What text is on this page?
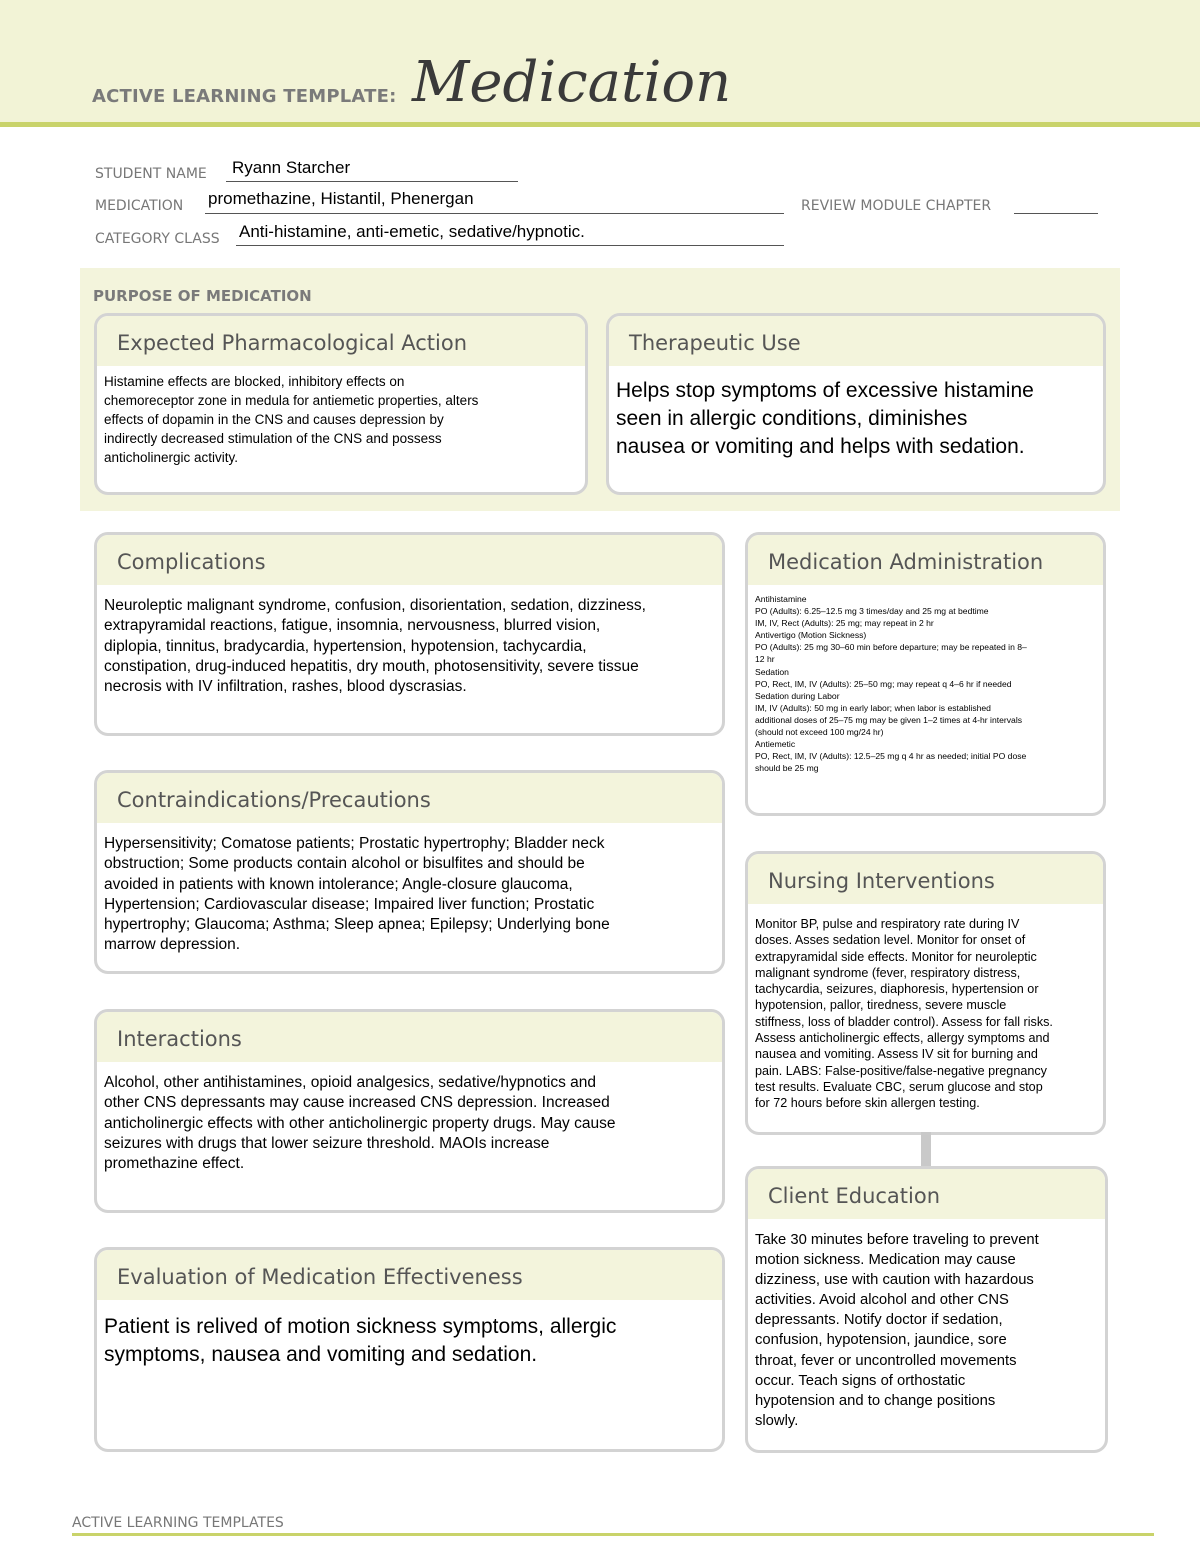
ACTIVE LEARNING TEMPLATE: Medication
STUDENT NAME Ryann Starcher
MEDICATION promethazine, Histantil, Phenergan	REVIEW MODULE CHAPTER
CATEGORY CLASS Anti-histamine, anti-emetic, sedative/hypnotic.
PURPOSE OF MEDICATION
Expected Pharmacological Action
Histamine effects are blocked, inhibitory effects on
chemoreceptor zone in medula for antiemetic properties, alters
effects of dopamin in the CNS and causes depression by
indirectly decreased stimulation of the CNS and possess
anticholinergic activity.
Therapeutic Use
Helps stop symptoms of excessive histamine
seen in allergic conditions, diminishes
nausea or vomiting and helps with sedation.
Complications
Neuroleptic malignant syndrome, confusion, disorientation, sedation, dizziness,
extrapyramidal reactions, fatigue, insomnia, nervousness, blurred vision,
diplopia, tinnitus, bradycardia, hypertension, hypotension, tachycardia,
constipation, drug-induced hepatitis, dry mouth, photosensitivity, severe tissue
necrosis with IV infiltration, rashes, blood dyscrasias.
Contraindications/Precautions
Hypersensitivity; Comatose patients; Prostatic hypertrophy; Bladder neck
obstruction; Some products contain alcohol or bisulfites and should be
avoided in patients with known intolerance; Angle-closure glaucoma,
Hypertension; Cardiovascular disease; Impaired liver function; Prostatic
hypertrophy; Glaucoma; Asthma; Sleep apnea; Epilepsy; Underlying bone
marrow depression.
Interactions
Alcohol, other antihistamines, opioid analgesics, sedative/hypnotics and
other CNS depressants may cause increased CNS depression. Increased
anticholinergic effects with other anticholinergic property drugs. May cause
seizures with drugs that lower seizure threshold. MAOIs increase
promethazine effect.
Evaluation of Medication Effectiveness
Patient is relived of motion sickness symptoms, allergic
symptoms, nausea and vomiting and sedation.
Medication Administration
Antihistamine
PO (Adults): 6.25–12.5 mg 3 times/day and 25 mg at bedtime
IM, IV, Rect (Adults): 25 mg; may repeat in 2 hr
Antivertigo (Motion Sickness)
PO (Adults): 25 mg 30–60 min before departure; may be repeated in 8–
12 hr
Sedation
PO, Rect, IM, IV (Adults): 25–50 mg; may repeat q 4–6 hr if needed
Sedation during Labor
IM, IV (Adults): 50 mg in early labor; when labor is established
additional doses of 25–75 mg may be given 1–2 times at 4-hr intervals
(should not exceed 100 mg/24 hr)
Antiemetic
PO, Rect, IM, IV (Adults): 12.5–25 mg q 4 hr as needed; initial PO dose
should be 25 mg
Nursing Interventions
Monitor BP, pulse and respiratory rate during IV
doses. Asses sedation level. Monitor for onset of
extrapyramidal side effects. Monitor for neuroleptic
malignant syndrome (fever, respiratory distress,
tachycardia, seizures, diaphoresis, hypertension or
hypotension, pallor, tiredness, severe muscle
stiffness, loss of bladder control). Assess for fall risks.
Assess anticholinergic effects, allergy symptoms and
nausea and vomiting. Assess IV sit for burning and
pain. LABS: False-positive/false-negative pregnancy
test results. Evaluate CBC, serum glucose and stop
for 72 hours before skin allergen testing.
Client Education
Take 30 minutes before traveling to prevent
motion sickness. Medication may cause
dizziness, use with caution with hazardous
activities. Avoid alcohol and other CNS
depressants. Notify doctor if sedation,
confusion, hypotension, jaundice, sore
throat, fever or uncontrolled movements
occur. Teach signs of orthostatic
hypotension and to change positions
slowly.
ACTIVE LEARNING TEMPLATES
